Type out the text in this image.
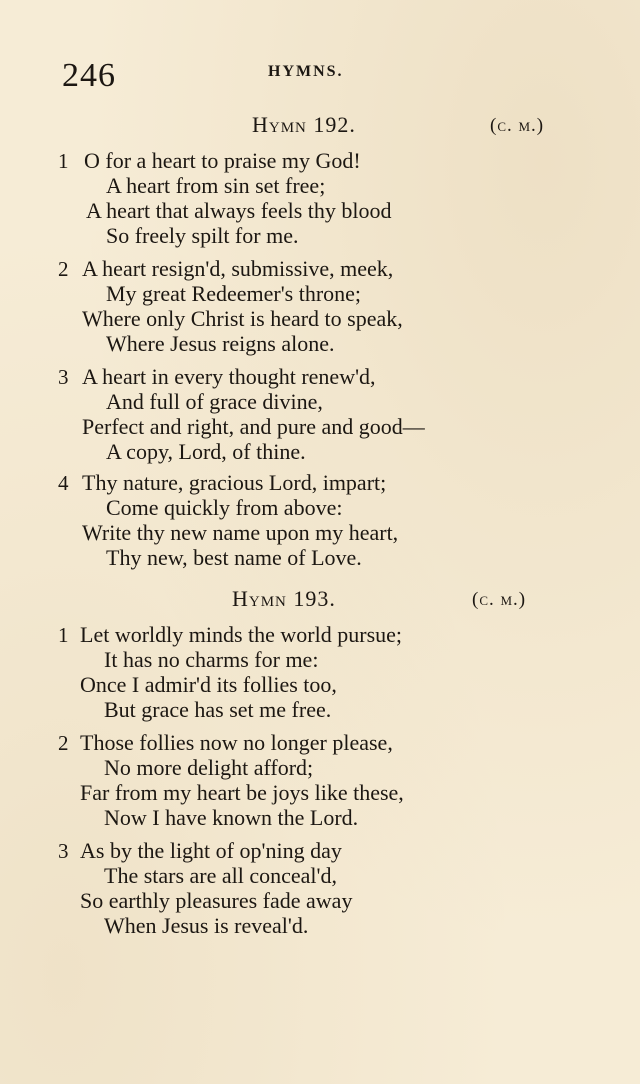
246	HYMNS.
Hymn 192.	(c. m.)
1 O for a heart to praise my God!
A heart from sin set free;
A heart that always feels thy blood
So freely spilt for me.
2 A heart resign'd, submissive, meek,
My great Redeemer's throne;
Where only Christ is heard to speak,
Where Jesus reigns alone.
3 A heart in every thought renew'd,
And full of grace divine,
Perfect and right, and pure and good—
A copy, Lord, of thine.
4 Thy nature, gracious Lord, impart;
Come quickly from above:
Write thy new name upon my heart,
Thy new, best name of Love.
Hymn 193.	(c. m.)
1 Let worldly minds the world pursue;
It has no charms for me:
Once I admir'd its follies too,
But grace has set me free.
2 Those follies now no longer please,
No more delight afford;
Far from my heart be joys like these,
Now I have known the Lord.
3 As by the light of op'ning day
The stars are all conceal'd,
So earthly pleasures fade away
When Jesus is reveal'd.
